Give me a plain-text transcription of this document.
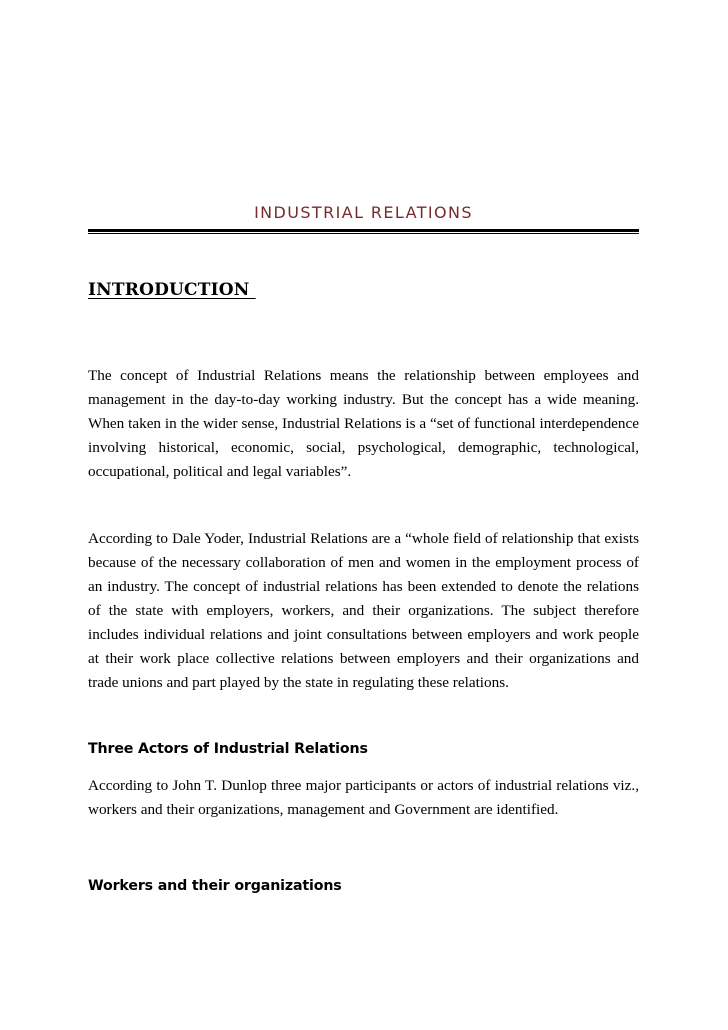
INDUSTRIAL RELATIONS
INTRODUCTION

The concept of Industrial Relations means the relationship between employees and management in the day-to-day working industry. But the concept has a wide meaning. When taken in the wider sense, Industrial Relations is a “set of functional interdependence involving historical, economic, social, psychological, demographic, technological, occupational, political and legal variables”.

According to Dale Yoder, Industrial Relations are a “whole field of relationship that exists because of the necessary collaboration of men and women in the employment process of an industry. The concept of industrial relations has been extended to denote the relations of the state with employers, workers, and their organizations. The subject therefore includes individual relations and joint consultations between employers and work people at their work place collective relations between employers and their organizations and trade unions and part played by the state in regulating these relations.

Three Actors of Industrial Relations

According to John T. Dunlop three major participants or actors of industrial relations viz., workers and their organizations, management and Government are identified.

Workers and their organizations
